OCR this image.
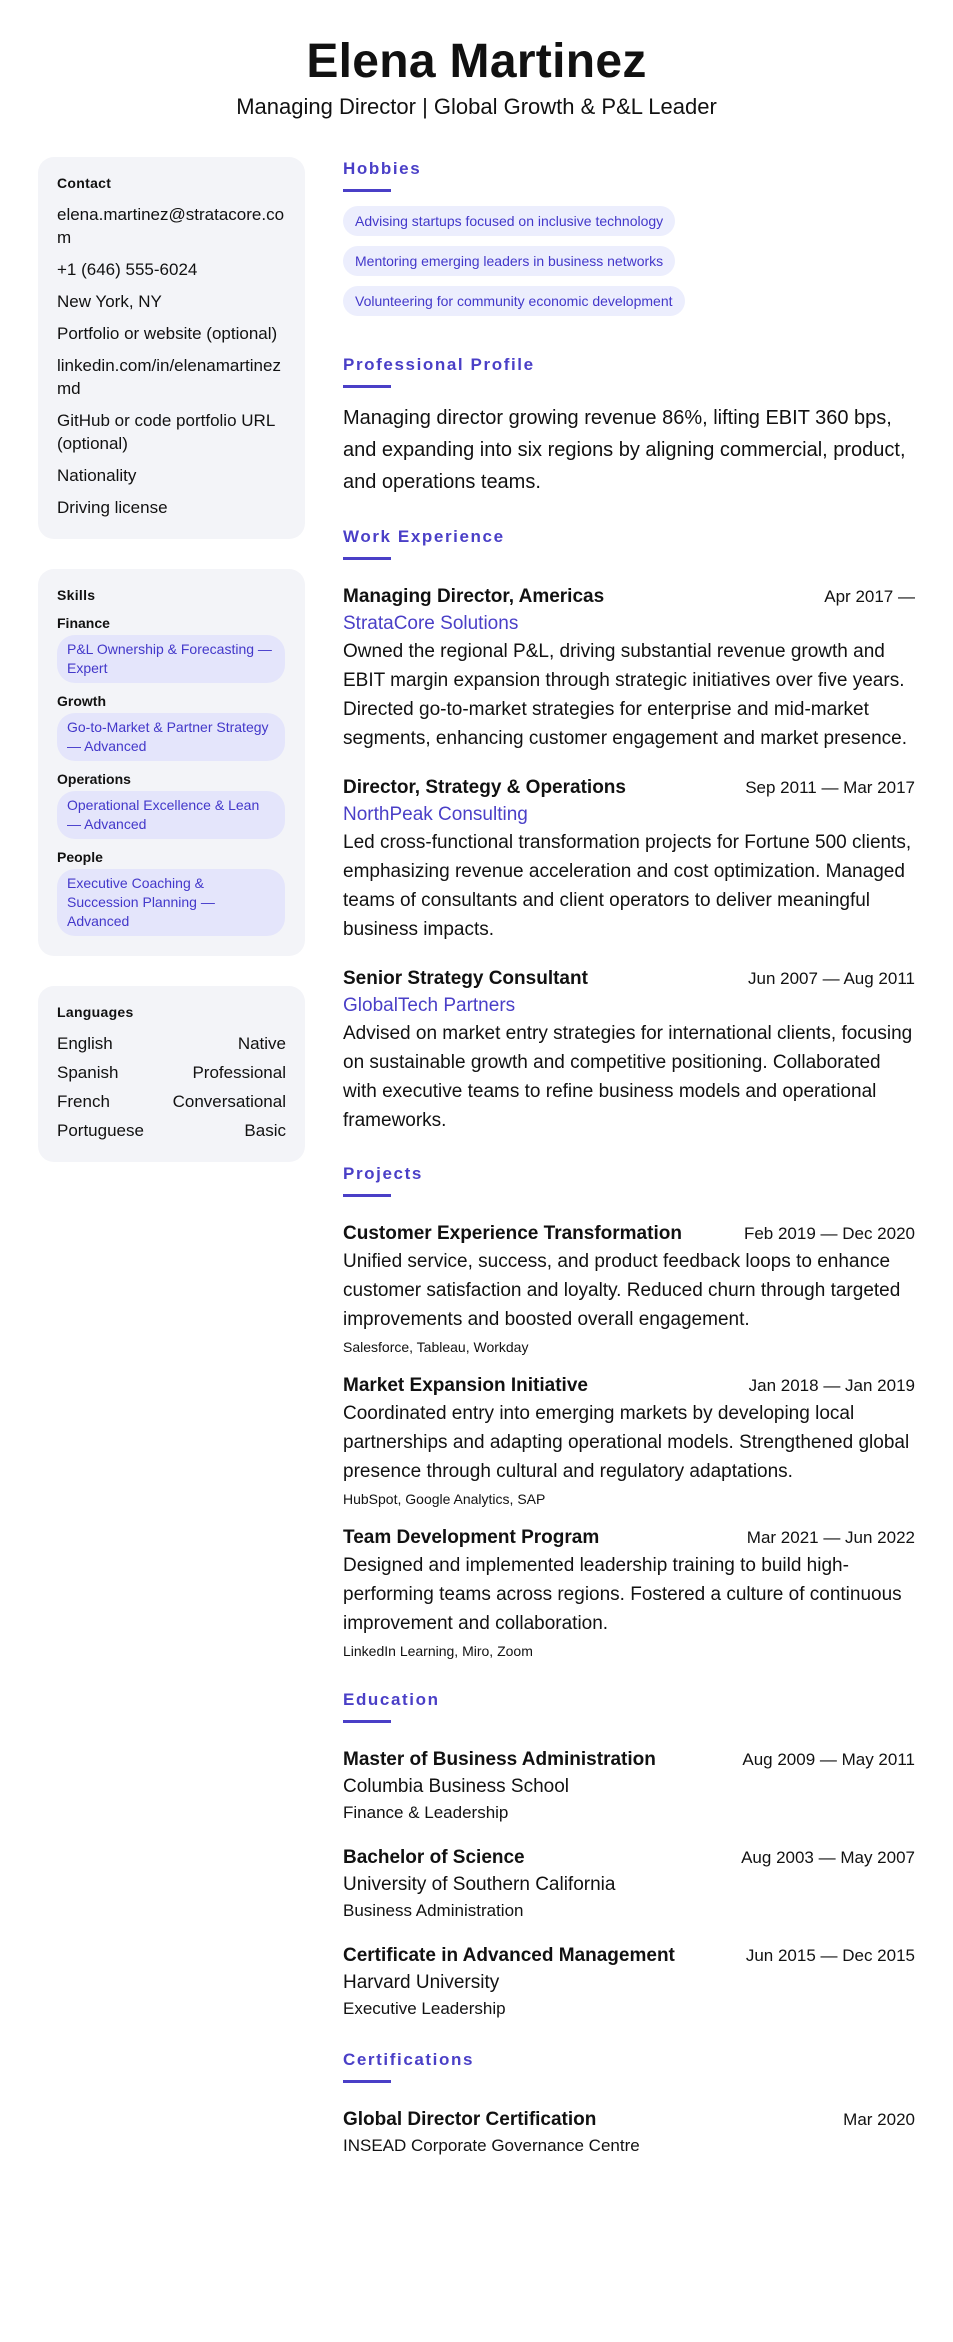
Elena Martinez
Managing Director | Global Growth & P&L Leader
Contact
elena.martinez@stratacore.com
+1 (646) 555-6024
New York, NY
Portfolio or website (optional)
linkedin.com/in/elenamartinezmd
GitHub or code portfolio URL (optional)
Nationality
Driving license
Skills
Finance
P&L Ownership & Forecasting — Expert
Growth
Go-to-Market & Partner Strategy — Advanced
Operations
Operational Excellence & Lean — Advanced
People
Executive Coaching & Succession Planning — Advanced
Languages
English	Native
Spanish	Professional
French	Conversational
Portuguese	Basic
Hobbies
Advising startups focused on inclusive technology
Mentoring emerging leaders in business networks
Volunteering for community economic development
Professional Profile
Managing director growing revenue 86%, lifting EBIT 360 bps, and expanding into six regions by aligning commercial, product, and operations teams.
Work Experience
Managing Director, Americas	Apr 2017 —
StrataCore Solutions
Owned the regional P&L, driving substantial revenue growth and EBIT margin expansion through strategic initiatives over five years. Directed go-to-market strategies for enterprise and mid-market segments, enhancing customer engagement and market presence.
Director, Strategy & Operations	Sep 2011 — Mar 2017
NorthPeak Consulting
Led cross-functional transformation projects for Fortune 500 clients, emphasizing revenue acceleration and cost optimization. Managed teams of consultants and client operators to deliver meaningful business impacts.
Senior Strategy Consultant	Jun 2007 — Aug 2011
GlobalTech Partners
Advised on market entry strategies for international clients, focusing on sustainable growth and competitive positioning. Collaborated with executive teams to refine business models and operational frameworks.
Projects
Customer Experience Transformation	Feb 2019 — Dec 2020
Unified service, success, and product feedback loops to enhance customer satisfaction and loyalty. Reduced churn through targeted improvements and boosted overall engagement.
Salesforce, Tableau, Workday
Market Expansion Initiative	Jan 2018 — Jan 2019
Coordinated entry into emerging markets by developing local partnerships and adapting operational models. Strengthened global presence through cultural and regulatory adaptations.
HubSpot, Google Analytics, SAP
Team Development Program	Mar 2021 — Jun 2022
Designed and implemented leadership training to build high-performing teams across regions. Fostered a culture of continuous improvement and collaboration.
LinkedIn Learning, Miro, Zoom
Education
Master of Business Administration	Aug 2009 — May 2011
Columbia Business School
Finance & Leadership
Bachelor of Science	Aug 2003 — May 2007
University of Southern California
Business Administration
Certificate in Advanced Management	Jun 2015 — Dec 2015
Harvard University
Executive Leadership
Certifications
Global Director Certification	Mar 2020
INSEAD Corporate Governance Centre
